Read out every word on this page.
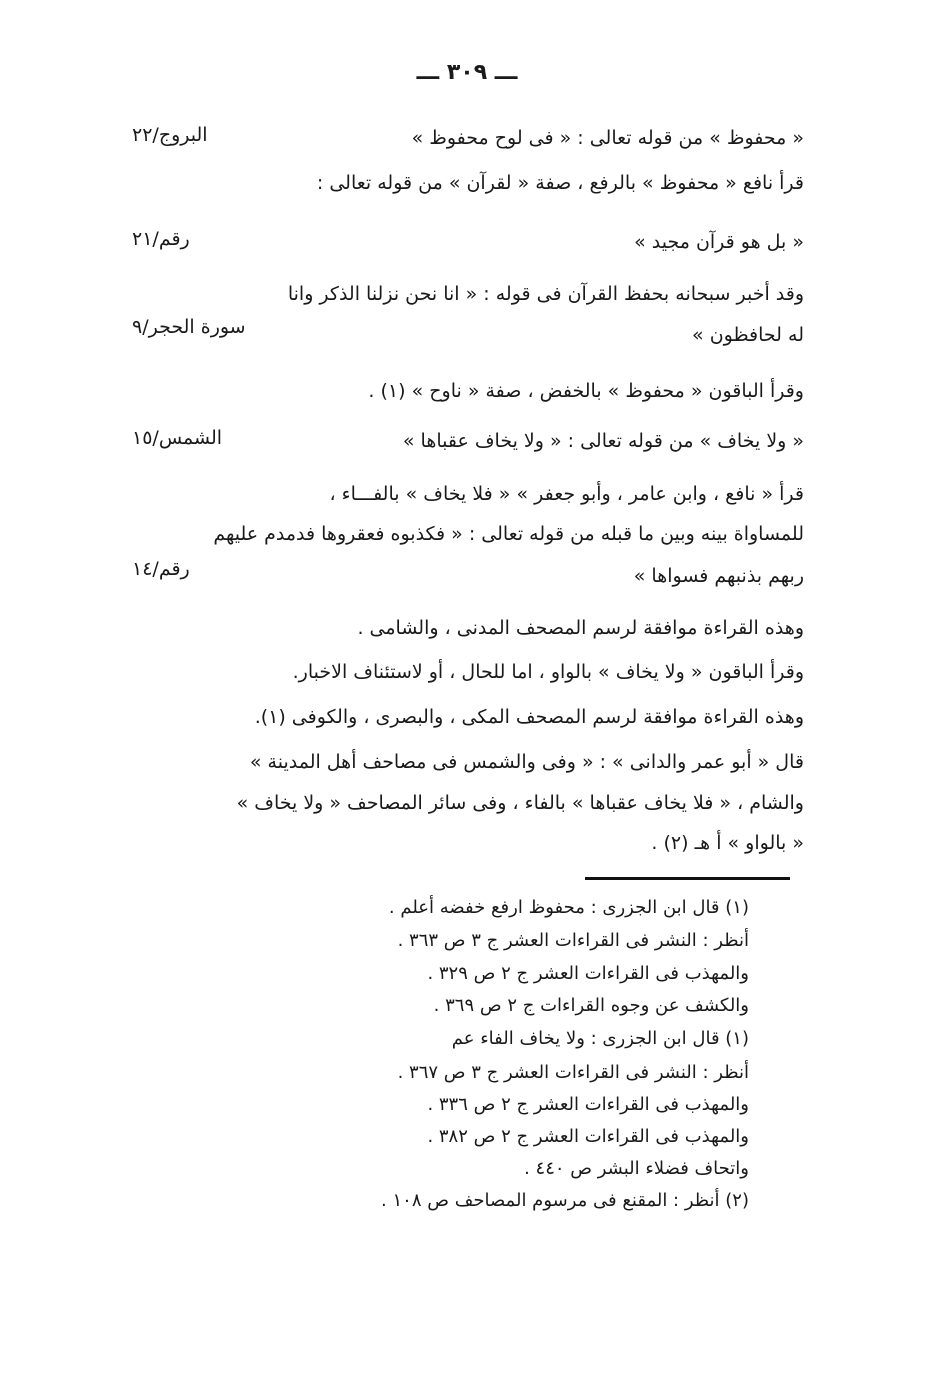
ـــ ٣٠٩ ـــ
« محفوظ » من قوله تعالى : « فى لوح محفوظ »
البروج/٢٢
قرأ نافع « محفوظ » بالرفع ، صفة « لقرآن » من قوله تعالى :
« بل هو قرآن مجيد »
رقم/٢١
وقد أخبر سبحانه بحفظ القرآن فى قوله : « انا نحن نزلنا الذكر وانا
له لحافظون »
سورة الحجر/٩
وقرأ الباقون « محفوظ » بالخفض ، صفة « ناوح » (١) .
« ولا يخاف » من قوله تعالى : « ولا يخاف عقباها »
الشمس/١٥
قرأ « نافع ، وابن عامر ، وأبو جعفر » « فلا يخاف » بالفـــاء ،
للمساواة بينه وبين ما قبله من قوله تعالى : « فكذبوه فعقروها فدمدم عليهم
ربهم بذنبهم فسواها »
رقم/١٤
وهذه القراءة موافقة لرسم المصحف المدنى ، والشامى .
وقرأ الباقون « ولا يخاف » بالواو ، اما للحال ، أو لاستئناف الاخبار.
وهذه القراءة موافقة لرسم المصحف المكى ، والبصرى ، والكوفى (١).
قال « أبو عمر والدانى » : « وفى والشمس فى مصاحف أهل المدينة »
والشام ، « فلا يخاف عقباها » بالفاء ، وفى سائر المصاحف « ولا يخاف »
« بالواو » أ هـ (٢) .
(١) قال ابن الجزرى : محفوظ ارفع خفضه أعلم .
أنظر : النشر فى القراءات العشر ج ٣ ص ٣٦٣ .
والمهذب فى القراءات العشر ج ٢ ص ٣٢٩ .
والكشف عن وجوه القراءات ج ٢ ص ٣٦٩ .
(١) قال ابن الجزرى : ولا يخاف الفاء عم
أنظر : النشر فى القراءات العشر ج ٣ ص ٣٦٧ .
والمهذب فى القراءات العشر ج ٢ ص ٣٣٦ .
والمهذب فى القراءات العشر ج ٢ ص ٣٨٢ .
واتحاف فضلاء البشر ص ٤٤٠ .
(٢) أنظر : المقنع فى مرسوم المصاحف ص ١٠٨ .
